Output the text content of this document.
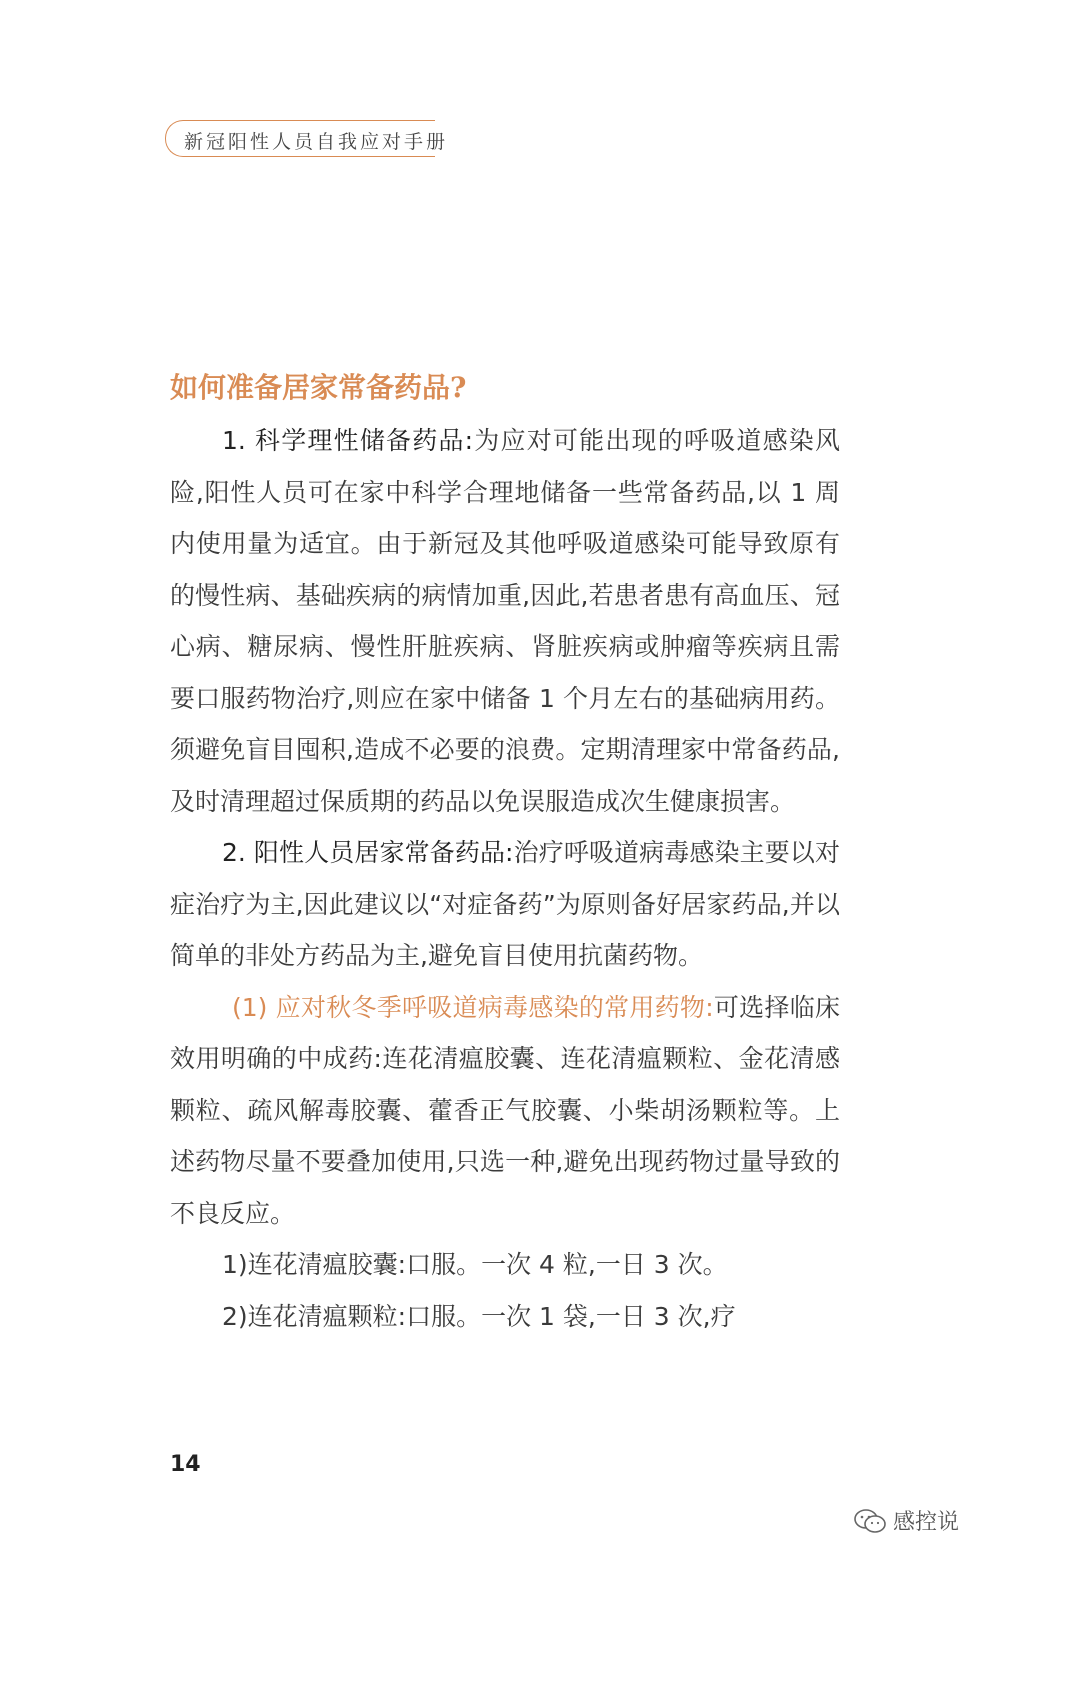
新冠阳性人员自我应对手册
如何准备居家常备药品?

1. 科学理性储备药品:为应对可能出现的呼吸道感染风险,阳性人员可在家中科学合理地储备一些常备药品,以 1 周内使用量为适宜。由于新冠及其他呼吸道感染可能导致原有的慢性病、基础疾病的病情加重,因此,若患者患有高血压、冠心病、糖尿病、慢性肝脏疾病、肾脏疾病或肿瘤等疾病且需要口服药物治疗,则应在家中储备 1 个月左右的基础病用药。须避免盲目囤积,造成不必要的浪费。定期清理家中常备药品,及时清理超过保质期的药品以免误服造成次生健康损害。

2. 阳性人员居家常备药品:治疗呼吸道病毒感染主要以对症治疗为主,因此建议以“对症备药”为原则备好居家药品,并以简单的非处方药品为主,避免盲目使用抗菌药物。

(1) 应对秋冬季呼吸道病毒感染的常用药物:可选择临床效用明确的中成药:连花清瘟胶囊、连花清瘟颗粒、金花清感颗粒、疏风解毒胶囊、藿香正气胶囊、小柴胡汤颗粒等。上述药物尽量不要叠加使用,只选一种,避免出现药物过量导致的不良反应。

1)连花清瘟胶囊:口服。一次 4 粒,一日 3 次。

2)连花清瘟颗粒:口服。一次 1 袋,一日 3 次,疗

14
感控说
